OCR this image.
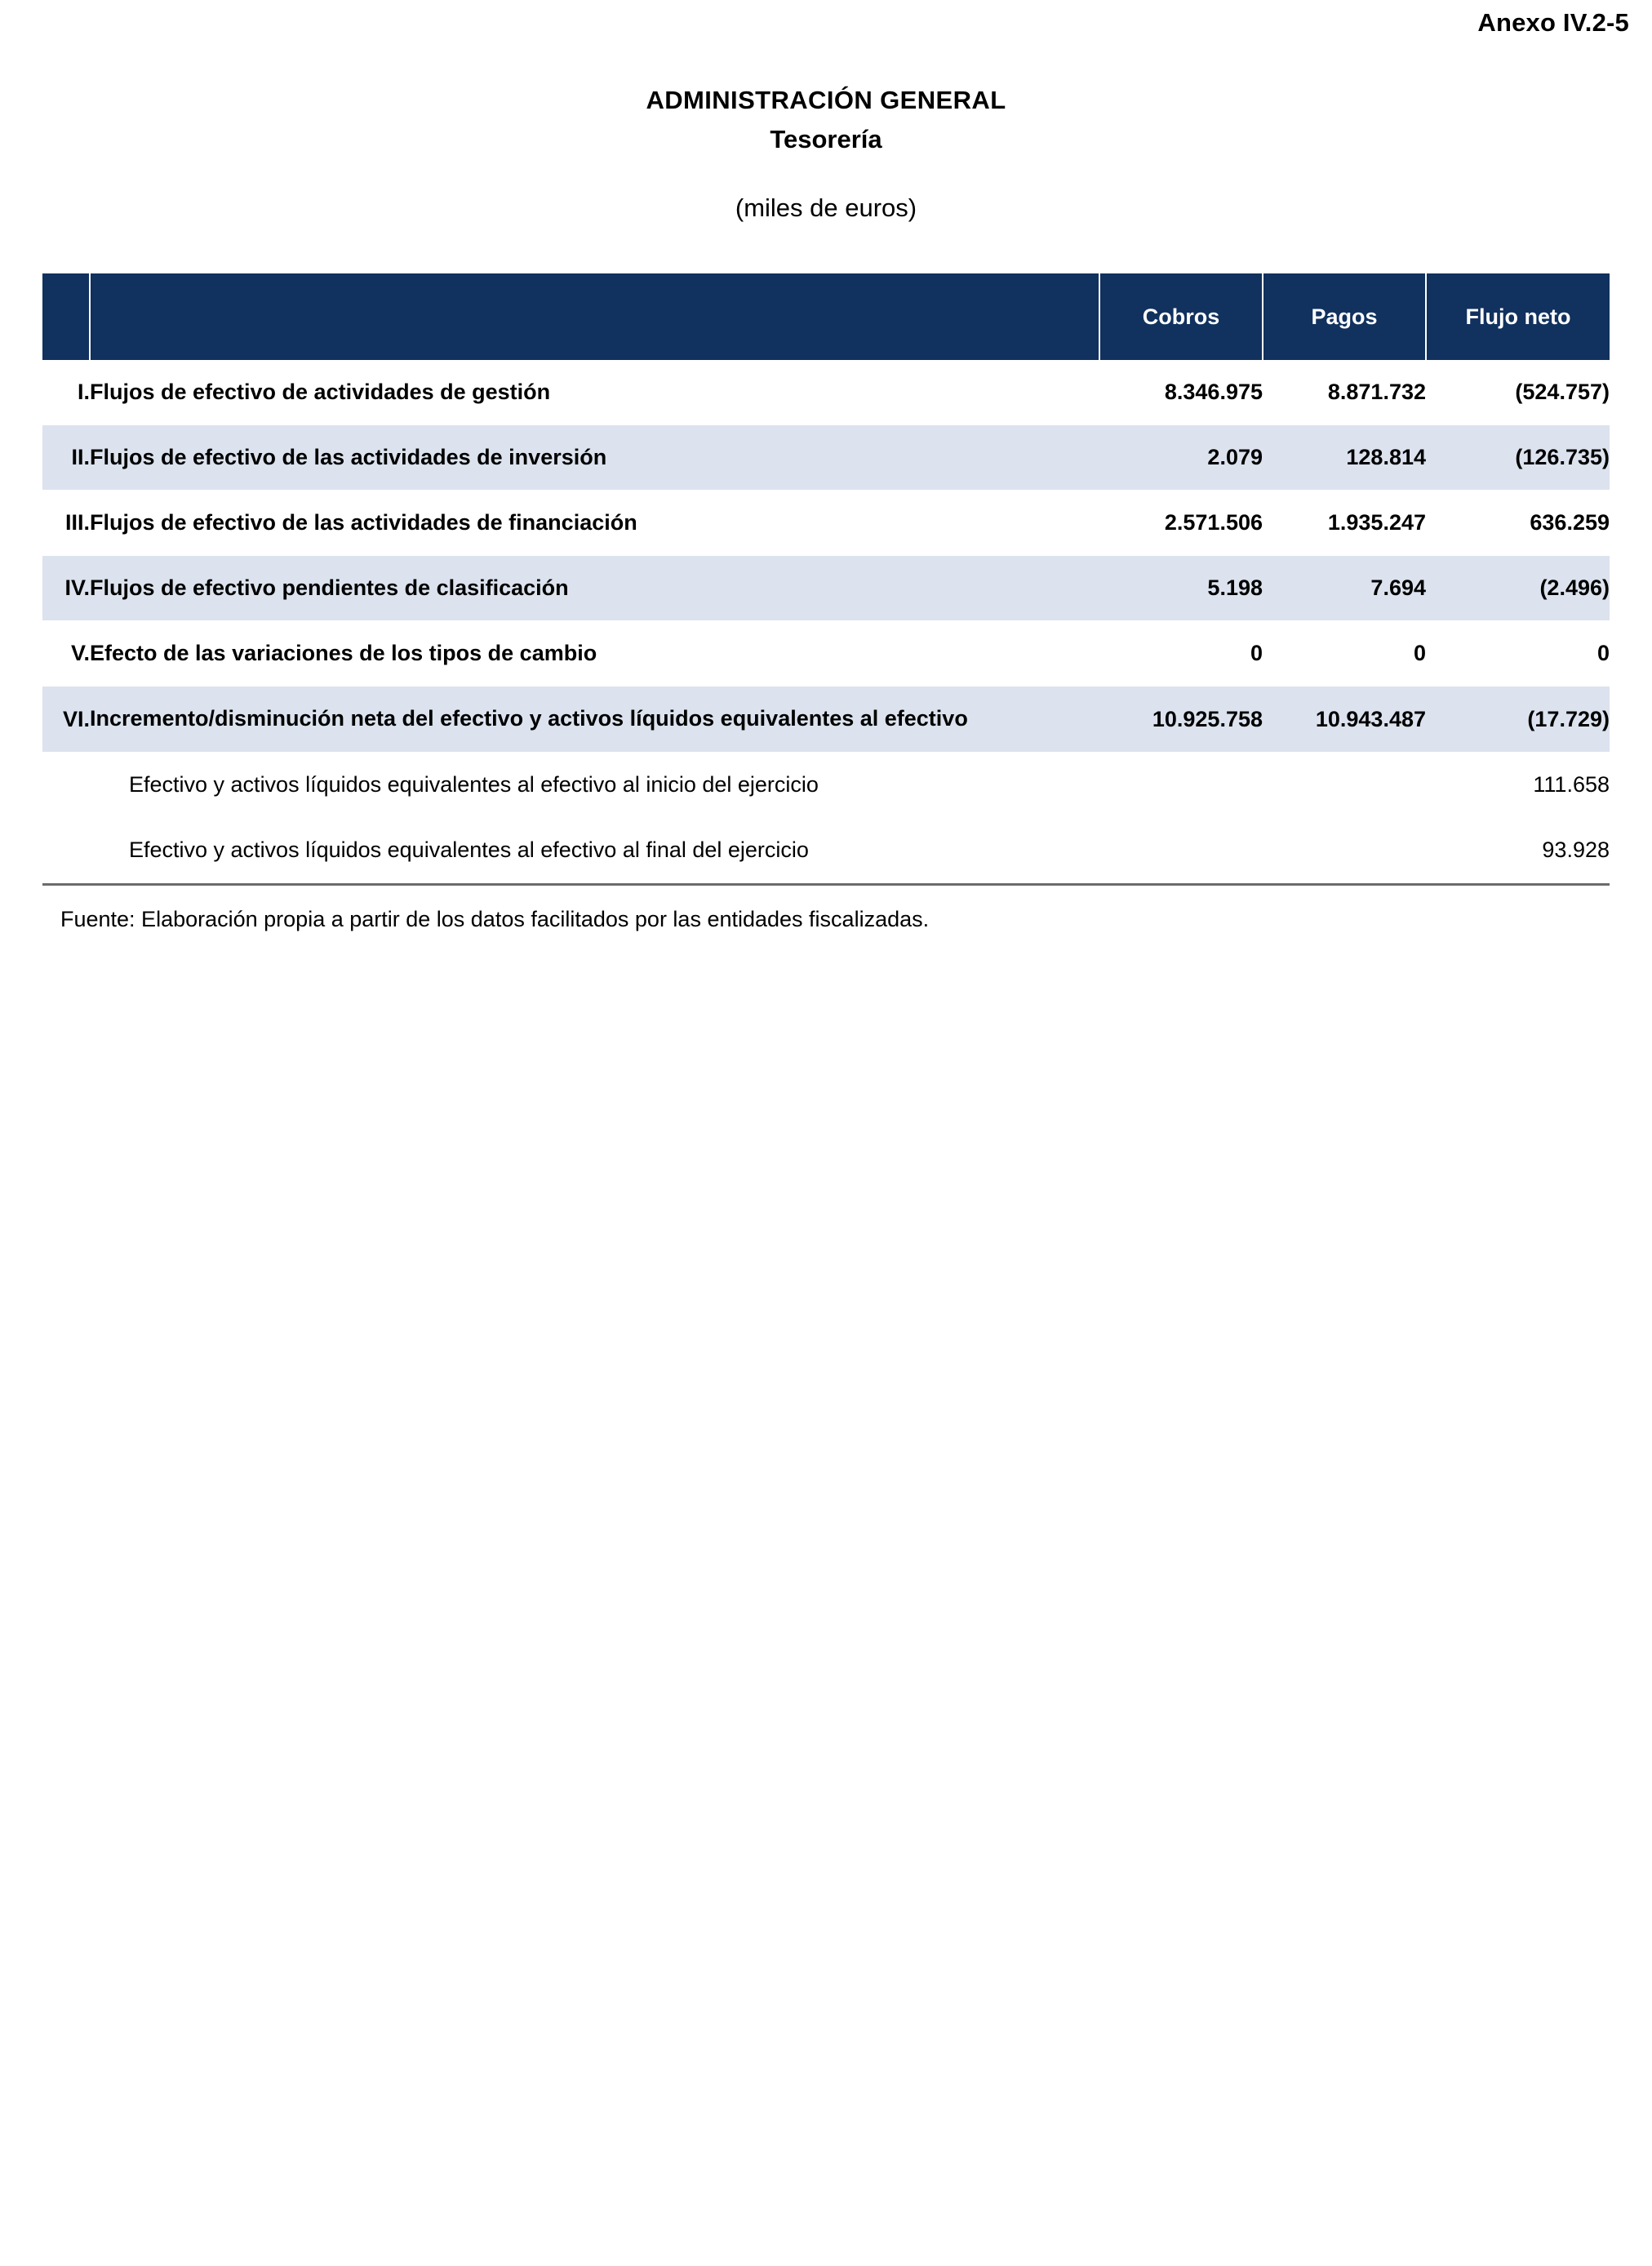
Anexo IV.2-5
ADMINISTRACIÓN GENERAL
Tesorería
(miles de euros)
		Cobros	Pagos	Flujo neto
I.	Flujos de efectivo de actividades de gestión	8.346.975	8.871.732	(524.757)
II.	Flujos de efectivo de las actividades de inversión	2.079	128.814	(126.735)
III.	Flujos de efectivo de las actividades de financiación	2.571.506	1.935.247	636.259
IV.	Flujos de efectivo pendientes de clasificación	5.198	7.694	(2.496)
V.	Efecto de las variaciones de los tipos de cambio	0	0	0
VI.	Incremento/disminución neta del efectivo y activos líquidos equivalentes al efectivo	10.925.758	10.943.487	(17.729)
	Efectivo y activos líquidos equivalentes al efectivo al inicio del ejercicio			111.658
	Efectivo y activos líquidos equivalentes al efectivo al final del ejercicio			93.928
Fuente: Elaboración propia a partir de los datos facilitados por las entidades fiscalizadas.
